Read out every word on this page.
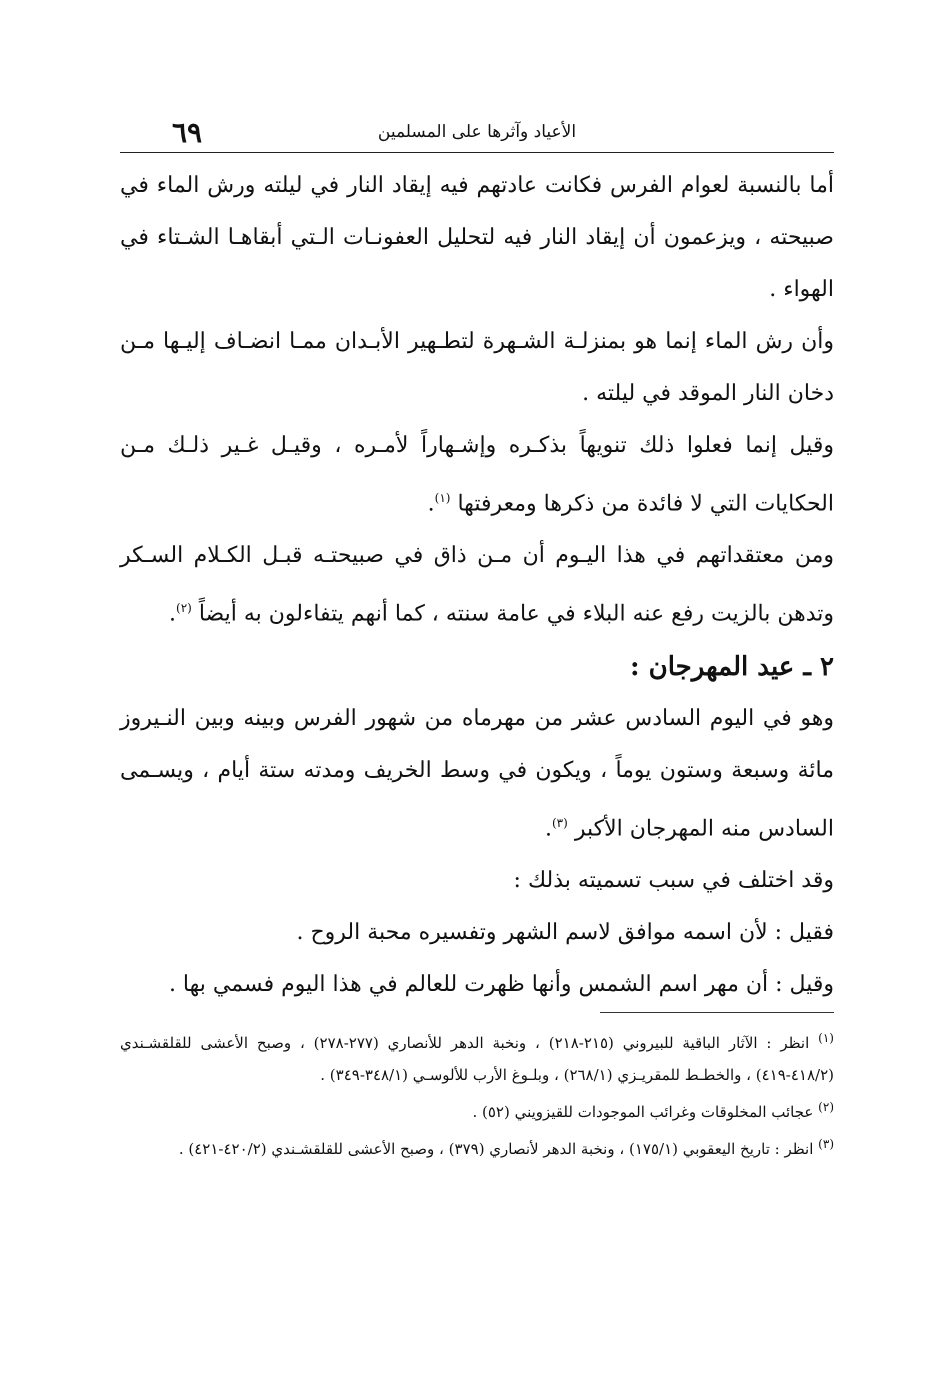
٦٩	الأعياد وآثرها على المسلمين

أما بالنسبة لعوام الفرس فكانت عادتهم فيه إيقاد النار في ليلته ورش الماء في صبيحته ، ويزعمون أن إيقاد النار فيه لتحليل العفونـات الـتي أبقاهـا الشـتاء في الهواء .

وأن رش الماء إنما هو بمنزلـة الشـهرة لتطـهير الأبـدان ممـا انضـاف إليـها مـن دخان النار الموقد في ليلته .

وقيل إنما فعلوا ذلك تنويهاً بذكـره وإشـهاراً لأمـره ، وقيـل غـير ذلـك مـن الحكايات التي لا فائدة من ذكرها ومعرفتها $^{(١)}$.

ومن معتقداتهم في هذا اليـوم أن مـن ذاق في صبيحتـه قبـل الكـلام السـكر وتدهن بالزيت رفع عنه البلاء في عامة سنته ، كما أنهم يتفاءلون به أيضاً $^{(٢)}$.

٢ ـ عيد المهرجان :

وهو في اليوم السادس عشر من مهرماه من شهور الفرس وبينه وبين النـيروز مائة وسبعة وستون يوماً ، ويكون في وسط الخريف ومدته ستة أيام ، ويسـمى السادس منه المهرجان الأكبر $^{(٣)}$.

وقد اختلف في سبب تسميته بذلك :

فقيل : لأن اسمه موافق لاسم الشهر وتفسيره محبة الروح .

وقيل : أن مهر اسم الشمس وأنها ظهرت للعالم في هذا اليوم فسمي بها .

$^{(١)}$ انظر : الآثار الباقية للبيروني (٢١٥-٢١٨) ، ونخبة الدهر للأنصاري (٢٧٧-٢٧٨) ، وصبح الأعشى للقلقشـندي (٤١٨/٢-٤١٩) ، والخطـط للمقريـزي (٢٦٨/١) ، وبلـوغ الأرب للألوسـي (٣٤٨/١-٣٤٩) .

$^{(٢)}$ عجائب المخلوقات وغرائب الموجودات للقيزويني (٥٢) .

$^{(٣)}$ انظر : تاريخ اليعقوبي (١٧٥/١) ، ونخبة الدهر لأنصاري (٣٧٩) ، وصبح الأعشى للقلقشـندي (٤٢٠/٢-٤٢١) .
